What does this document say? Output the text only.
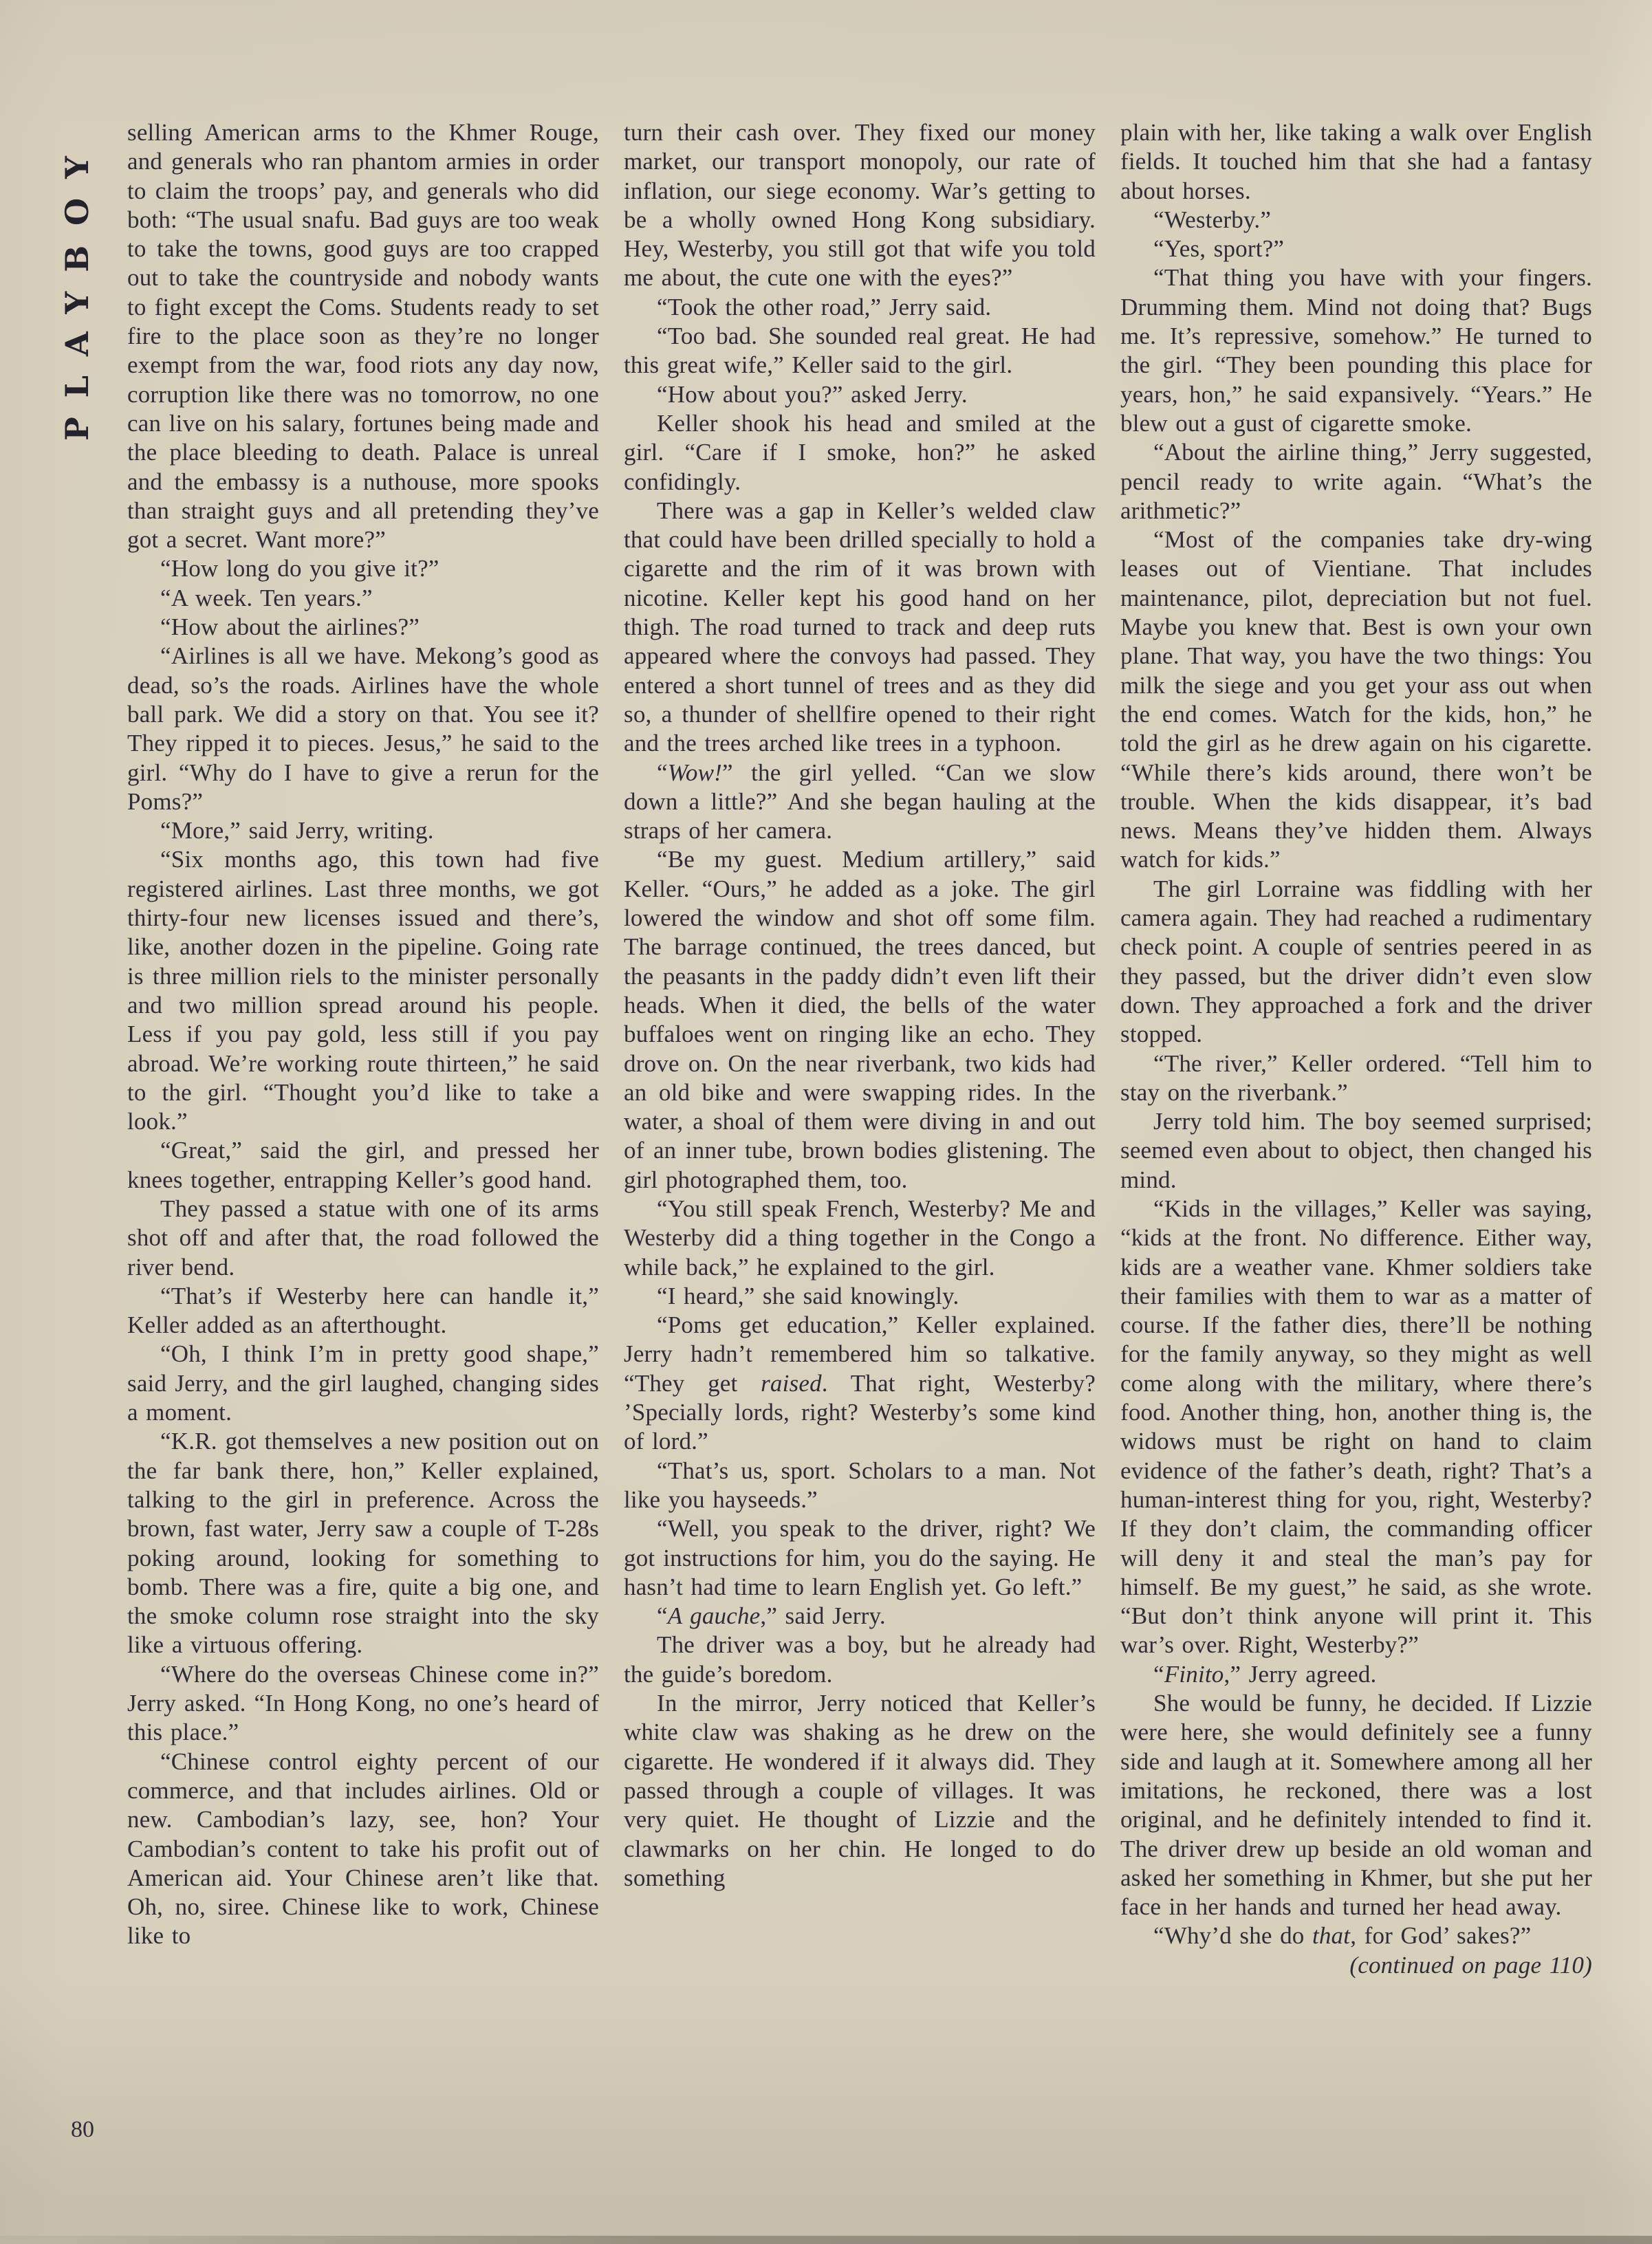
PLAYBOY

selling American arms to the Khmer Rouge, and generals who ran phantom armies in order to claim the troops’ pay, and generals who did both: “The usual snafu. Bad guys are too weak to take the towns, good guys are too crapped out to take the countryside and nobody wants to fight except the Coms. Students ready to set fire to the place soon as they’re no longer exempt from the war, food riots any day now, corruption like there was no tomorrow, no one can live on his salary, fortunes being made and the place bleeding to death. Palace is unreal and the embassy is a nuthouse, more spooks than straight guys and all pretending they’ve got a secret. Want more?”

“How long do you give it?”

“A week. Ten years.”

“How about the airlines?”

“Airlines is all we have. Mekong’s good as dead, so’s the roads. Airlines have the whole ball park. We did a story on that. You see it? They ripped it to pieces. Jesus,” he said to the girl. “Why do I have to give a rerun for the Poms?”

“More,” said Jerry, writing.

“Six months ago, this town had five registered airlines. Last three months, we got thirty-four new licenses issued and there’s, like, another dozen in the pipeline. Going rate is three million riels to the minister personally and two million spread around his people. Less if you pay gold, less still if you pay abroad. We’re working route thirteen,” he said to the girl. “Thought you’d like to take a look.”

“Great,” said the girl, and pressed her knees together, entrapping Keller’s good hand.

They passed a statue with one of its arms shot off and after that, the road followed the river bend.

“That’s if Westerby here can handle it,” Keller added as an afterthought.

“Oh, I think I’m in pretty good shape,” said Jerry, and the girl laughed, changing sides a moment.

“K.R. got themselves a new position out on the far bank there, hon,” Keller explained, talking to the girl in preference. Across the brown, fast water, Jerry saw a couple of T-28s poking around, looking for something to bomb. There was a fire, quite a big one, and the smoke column rose straight into the sky like a virtuous offering.

“Where do the overseas Chinese come in?” Jerry asked. “In Hong Kong, no one’s heard of this place.”

“Chinese control eighty percent of our commerce, and that includes airlines. Old or new. Cambodian’s lazy, see, hon? Your Cambodian’s content to take his profit out of American aid. Your Chinese aren’t like that. Oh, no, siree. Chinese like to work, Chinese like to

turn their cash over. They fixed our money market, our transport monopoly, our rate of inflation, our siege economy. War’s getting to be a wholly owned Hong Kong subsidiary. Hey, Westerby, you still got that wife you told me about, the cute one with the eyes?”

“Took the other road,” Jerry said.

“Too bad. She sounded real great. He had this great wife,” Keller said to the girl.

“How about you?” asked Jerry.

Keller shook his head and smiled at the girl. “Care if I smoke, hon?” he asked confidingly.

There was a gap in Keller’s welded claw that could have been drilled specially to hold a cigarette and the rim of it was brown with nicotine. Keller kept his good hand on her thigh. The road turned to track and deep ruts appeared where the convoys had passed. They entered a short tunnel of trees and as they did so, a thunder of shellfire opened to their right and the trees arched like trees in a typhoon.

“Wow!” the girl yelled. “Can we slow down a little?” And she began hauling at the straps of her camera.

“Be my guest. Medium artillery,” said Keller. “Ours,” he added as a joke. The girl lowered the window and shot off some film. The barrage continued, the trees danced, but the peasants in the paddy didn’t even lift their heads. When it died, the bells of the water buffaloes went on ringing like an echo. They drove on. On the near riverbank, two kids had an old bike and were swapping rides. In the water, a shoal of them were diving in and out of an inner tube, brown bodies glistening. The girl photographed them, too.

“You still speak French, Westerby? Me and Westerby did a thing together in the Congo a while back,” he explained to the girl.

“I heard,” she said knowingly.

“Poms get education,” Keller explained. Jerry hadn’t remembered him so talkative. “They get raised. That right, Westerby? ’Specially lords, right? Westerby’s some kind of lord.”

“That’s us, sport. Scholars to a man. Not like you hayseeds.”

“Well, you speak to the driver, right? We got instructions for him, you do the saying. He hasn’t had time to learn English yet. Go left.”

“A gauche,” said Jerry.

The driver was a boy, but he already had the guide’s boredom.

In the mirror, Jerry noticed that Keller’s white claw was shaking as he drew on the cigarette. He wondered if it always did. They passed through a couple of villages. It was very quiet. He thought of Lizzie and the clawmarks on her chin. He longed to do something

plain with her, like taking a walk over English fields. It touched him that she had a fantasy about horses.

“Westerby.”

“Yes, sport?”

“That thing you have with your fingers. Drumming them. Mind not doing that? Bugs me. It’s repressive, somehow.” He turned to the girl. “They been pounding this place for years, hon,” he said expansively. “Years.” He blew out a gust of cigarette smoke.

“About the airline thing,” Jerry suggested, pencil ready to write again. “What’s the arithmetic?”

“Most of the companies take dry-wing leases out of Vientiane. That includes maintenance, pilot, depreciation but not fuel. Maybe you knew that. Best is own your own plane. That way, you have the two things: You milk the siege and you get your ass out when the end comes. Watch for the kids, hon,” he told the girl as he drew again on his cigarette. “While there’s kids around, there won’t be trouble. When the kids disappear, it’s bad news. Means they’ve hidden them. Always watch for kids.”

The girl Lorraine was fiddling with her camera again. They had reached a rudimentary check point. A couple of sentries peered in as they passed, but the driver didn’t even slow down. They approached a fork and the driver stopped.

“The river,” Keller ordered. “Tell him to stay on the riverbank.”

Jerry told him. The boy seemed surprised; seemed even about to object, then changed his mind.

“Kids in the villages,” Keller was saying, “kids at the front. No difference. Either way, kids are a weather vane. Khmer soldiers take their families with them to war as a matter of course. If the father dies, there’ll be nothing for the family anyway, so they might as well come along with the military, where there’s food. Another thing, hon, another thing is, the widows must be right on hand to claim evidence of the father’s death, right? That’s a human-interest thing for you, right, Westerby? If they don’t claim, the commanding officer will deny it and steal the man’s pay for himself. Be my guest,” he said, as she wrote. “But don’t think anyone will print it. This war’s over. Right, Westerby?”

“Finito,” Jerry agreed.

She would be funny, he decided. If Lizzie were here, she would definitely see a funny side and laugh at it. Somewhere among all her imitations, he reckoned, there was a lost original, and he definitely intended to find it. The driver drew up beside an old woman and asked her something in Khmer, but she put her face in her hands and turned her head away.

“Why’d she do that, for God’ sakes?”

(continued on page 110)

80
